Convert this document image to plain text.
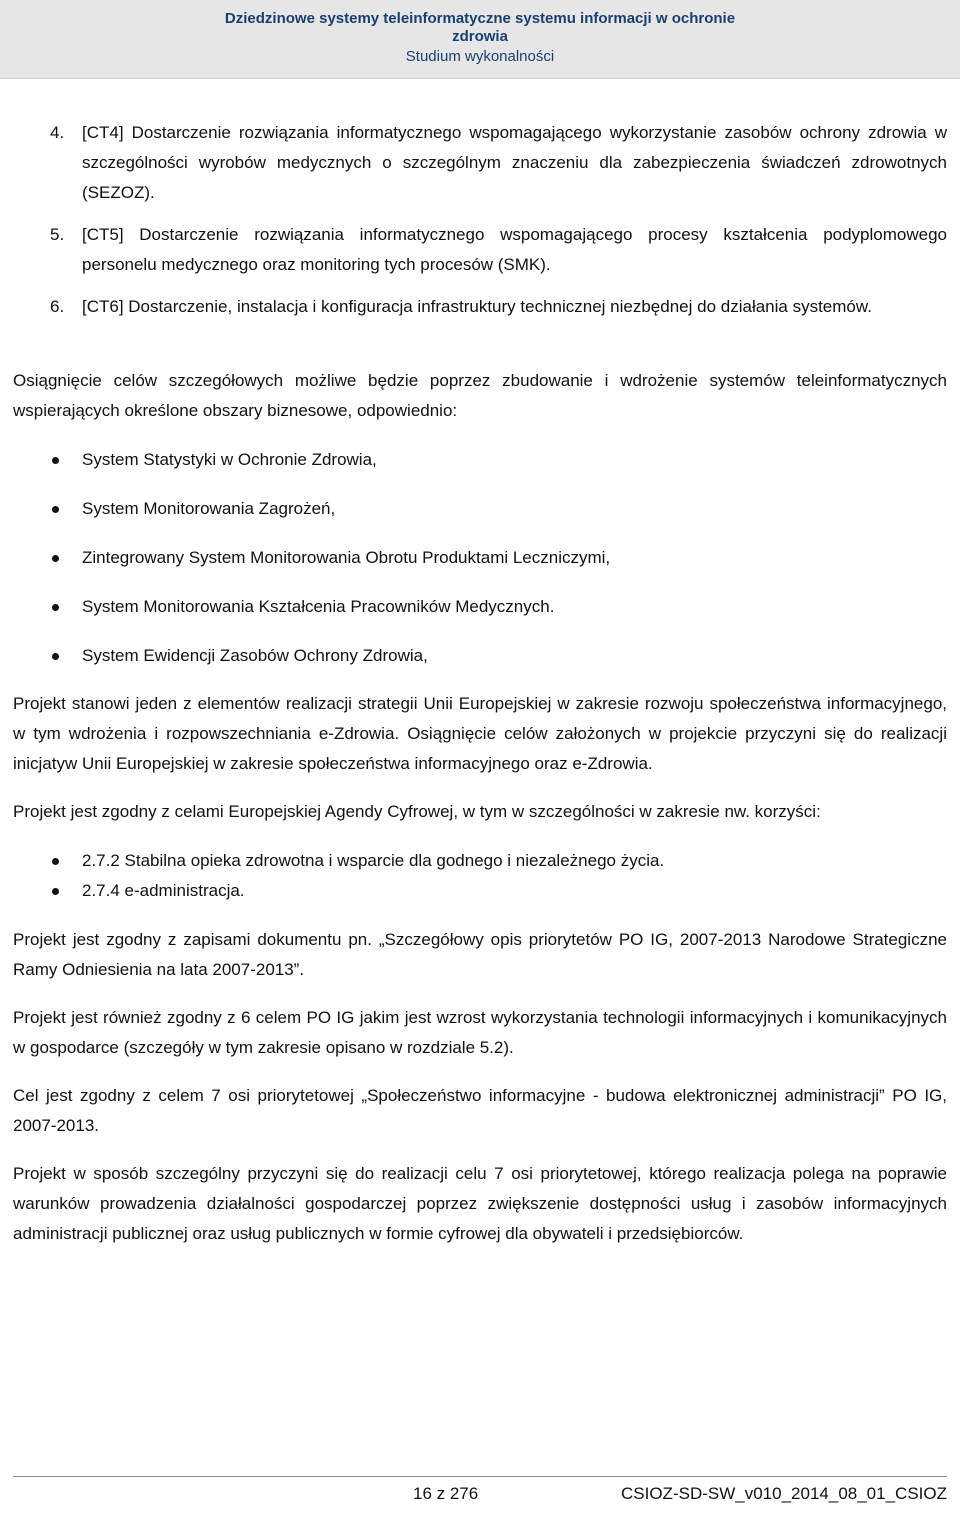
Dziedzinowe systemy teleinformatyczne systemu informacji w ochronie
zdrowia
Studium wykonalności
4.	[CT4] Dostarczenie rozwiązania informatycznego wspomagającego wykorzystanie zasobów ochrony zdrowia w szczególności wyrobów medycznych o szczególnym znaczeniu dla zabezpieczenia świadczeń zdrowotnych (SEZOZ).
5.	[CT5] Dostarczenie rozwiązania informatycznego wspomagającego procesy kształcenia podyplomowego personelu medycznego oraz monitoring tych procesów (SMK).
6.	[CT6] Dostarczenie, instalacja i konfiguracja infrastruktury technicznej niezbędnej do działania systemów.

Osiągnięcie celów szczegółowych możliwe będzie poprzez zbudowanie i wdrożenie systemów teleinformatycznych wspierających określone obszary biznesowe, odpowiednio:

System Statystyki w Ochronie Zdrowia,
System Monitorowania Zagrożeń,
Zintegrowany System Monitorowania Obrotu Produktami Leczniczymi,
System Monitorowania Kształcenia Pracowników Medycznych.
System Ewidencji Zasobów Ochrony Zdrowia,

Projekt stanowi jeden z elementów realizacji strategii Unii Europejskiej w zakresie rozwoju społeczeństwa informacyjnego, w tym wdrożenia i rozpowszechniania e-Zdrowia. Osiągnięcie celów założonych w projekcie przyczyni się do realizacji inicjatyw Unii Europejskiej w zakresie społeczeństwa informacyjnego oraz e-Zdrowia.

Projekt jest zgodny z celami Europejskiej Agendy Cyfrowej, w tym w szczególności w zakresie nw. korzyści:

2.7.2 Stabilna opieka zdrowotna i wsparcie dla godnego i niezależnego życia.
2.7.4 e-administracja.

Projekt jest zgodny z zapisami dokumentu pn. „Szczegółowy opis priorytetów PO IG, 2007-2013 Narodowe Strategiczne Ramy Odniesienia na lata 2007-2013”.

Projekt jest również zgodny z 6 celem PO IG jakim jest wzrost wykorzystania technologii informacyjnych i komunikacyjnych w gospodarce (szczegóły w tym zakresie opisano w rozdziale 5.2).

Cel jest zgodny z celem 7 osi priorytetowej „Społeczeństwo informacyjne - budowa elektronicznej administracji” PO IG, 2007-2013.

Projekt w sposób szczególny przyczyni się do realizacji celu 7 osi priorytetowej, którego realizacja polega na poprawie warunków prowadzenia działalności gospodarczej poprzez zwiększenie dostępności usług i zasobów informacyjnych administracji publicznej oraz usług publicznych w formie cyfrowej dla obywateli i przedsiębiorców.

16 z 276	CSIOZ-SD-SW_v010_2014_08_01_CSIOZ
